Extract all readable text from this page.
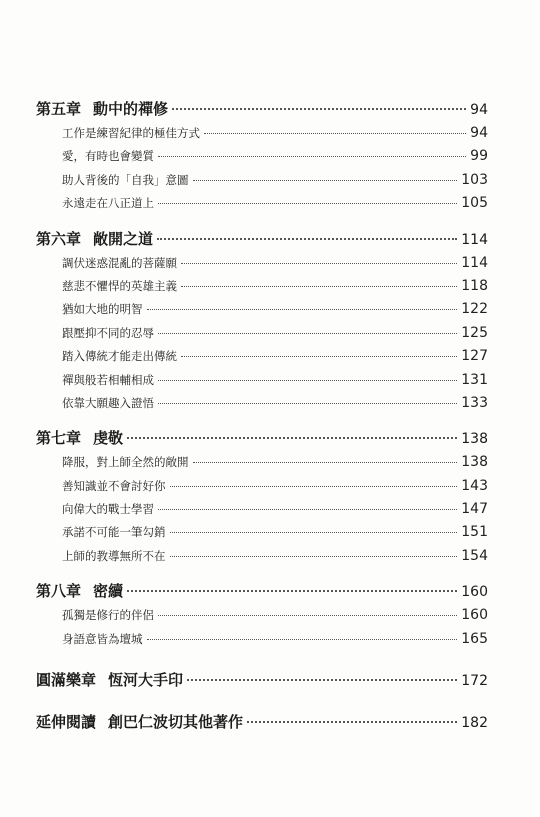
第五章 動中的禪修	94
工作是練習紀律的極佳方式	94
愛，有時也會變質	99
助人背後的「自我」意圖	103
永遠走在八正道上	105
第六章 敞開之道	114
調伏迷惑混亂的菩薩願	114
慈悲不懼悍的英雄主義	118
猶如大地的明智	122
跟壓抑不同的忍辱	125
踏入傳統才能走出傳統	127
禪與般若相輔相成	131
依靠大願趣入證悟	133
第七章 虔敬	138
降服，對上師全然的敞開	138
善知識並不會討好你	143
向偉大的戰士學習	147
承諾不可能一筆勾銷	151
上師的教導無所不在	154
第八章 密續	160
孤獨是修行的伴侶	160
身語意皆為壇城	165
圓滿樂章 恆河大手印	172
延伸閱讀 創巴仁波切其他著作	182
